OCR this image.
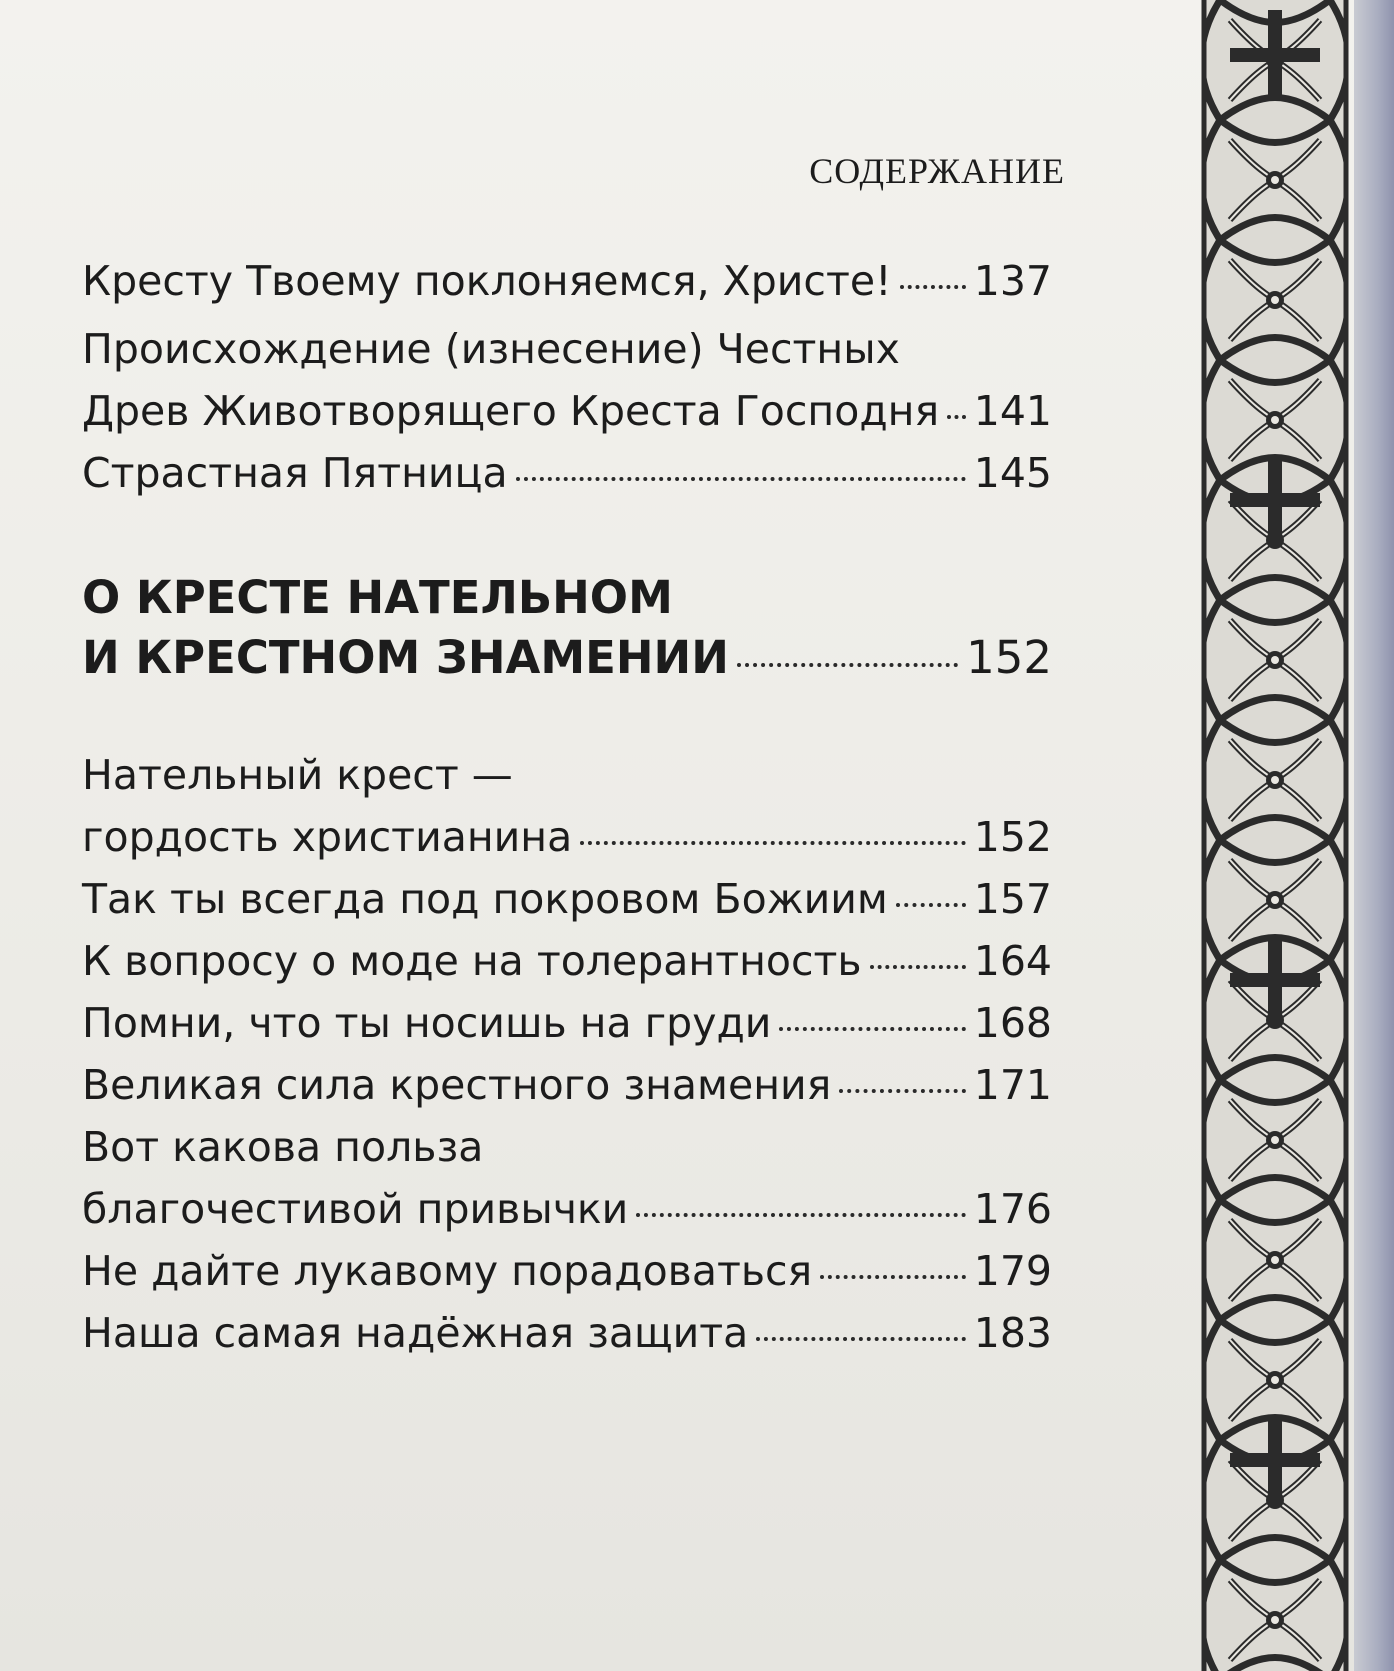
СОДЕРЖАНИЕ
Кресту Твоему поклоняемся, Христе! 137
Происхождение (изнесение) Честных
Древ Животворящего Креста Господня 141
Страстная Пятница	145
О КРЕСТЕ НАТЕЛЬНОМ
И КРЕСТНОМ ЗНАМЕНИИ	152
Нательный крест —
гордость христианина	152
Так ты всегда под покровом Божиим 157
К вопросу о моде на толерантность	164
Помни, что ты носишь на груди	168
Великая сила крестного знамения	171
Вот какова польза
благочестивой привычки	176
Не дайте лукавому порадоваться	179
Наша самая надёжная защита	183
